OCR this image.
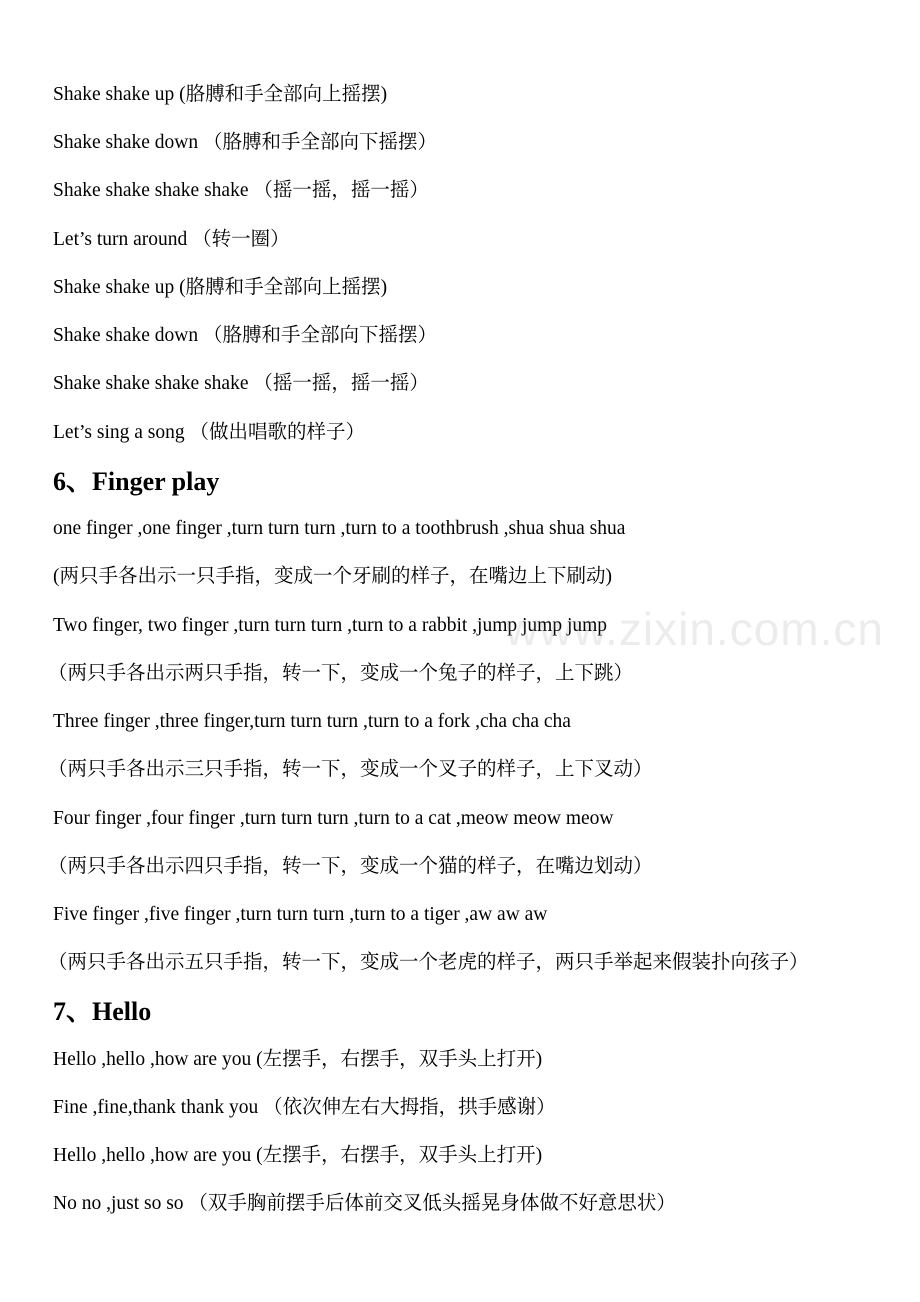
Shake shake up (胳膊和手全部向上摇摆)
Shake shake down （胳膊和手全部向下摇摆）
Shake shake shake shake （摇一摇，摇一摇）
Let’s turn around （转一圈）
Shake shake up (胳膊和手全部向上摇摆)
Shake shake down （胳膊和手全部向下摇摆）
Shake shake shake shake （摇一摇，摇一摇）
Let’s sing a song （做出唱歌的样子）
6、Finger play
one finger ,one finger ,turn turn turn ,turn to a toothbrush ,shua shua shua
(两只手各出示一只手指，变成一个牙刷的样子，在嘴边上下刷动)
Two finger, two finger ,turn turn turn ,turn to a rabbit ,jump jump jump
（两只手各出示两只手指，转一下，变成一个兔子的样子，上下跳）
Three finger ,three finger,turn turn turn ,turn to a fork ,cha cha cha
（两只手各出示三只手指，转一下，变成一个叉子的样子，上下叉动）
Four finger ,four finger ,turn turn turn ,turn to a cat ,meow meow meow
（两只手各出示四只手指，转一下，变成一个猫的样子，在嘴边划动）
Five finger ,five finger ,turn turn turn ,turn to a tiger ,aw aw aw
（两只手各出示五只手指，转一下，变成一个老虎的样子，两只手举起来假装扑向孩子）
7、Hello
Hello ,hello ,how are you (左摆手，右摆手，双手头上打开)
Fine ,fine,thank thank you （依次伸左右大拇指，拱手感谢）
Hello ,hello ,how are you (左摆手，右摆手，双手头上打开)
No no ,just so so （双手胸前摆手后体前交叉低头摇晃身体做不好意思状）
www.zixin.com.cn
